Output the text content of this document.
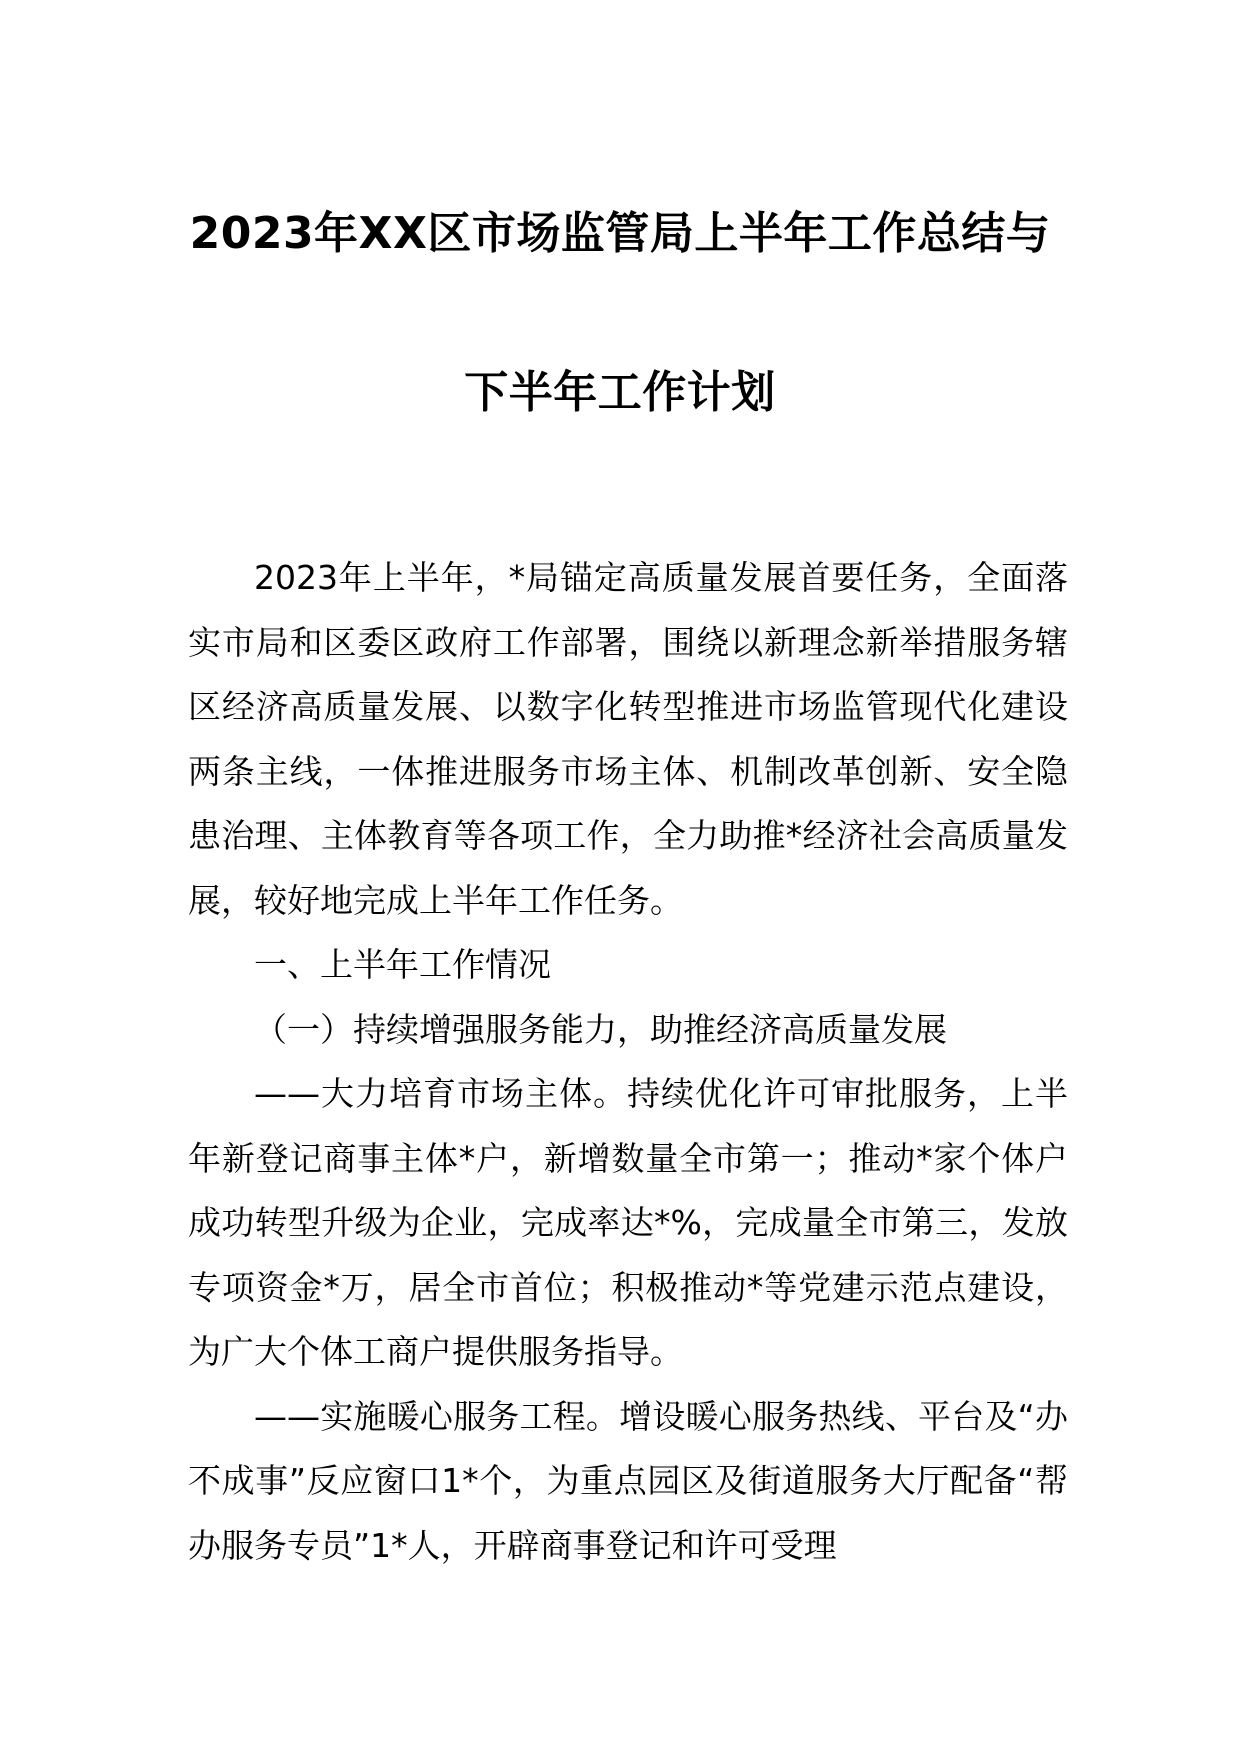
2023年XX区市场监管局上半年工作总结与
下半年工作计划

2023年上半年，*局锚定高质量发展首要任务，全面落实市局和区委区政府工作部署，围绕以新理念新举措服务辖区经济高质量发展、以数字化转型推进市场监管现代化建设两条主线，一体推进服务市场主体、机制改革创新、安全隐患治理、主体教育等各项工作，全力助推*经济社会高质量发展，较好地完成上半年工作任务。

一、上半年工作情况

（一）持续增强服务能力，助推经济高质量发展

——大力培育市场主体。持续优化许可审批服务，上半年新登记商事主体*户，新增数量全市第一；推动*家个体户成功转型升级为企业，完成率达*%，完成量全市第三，发放专项资金*万，居全市首位；积极推动*等党建示范点建设，为广大个体工商户提供服务指导。

——实施暖心服务工程。增设暖心服务热线、平台及“办不成事”反应窗口1*个，为重点园区及街道服务大厅配备“帮办服务专员”1*人，开辟商事登记和许可受理
